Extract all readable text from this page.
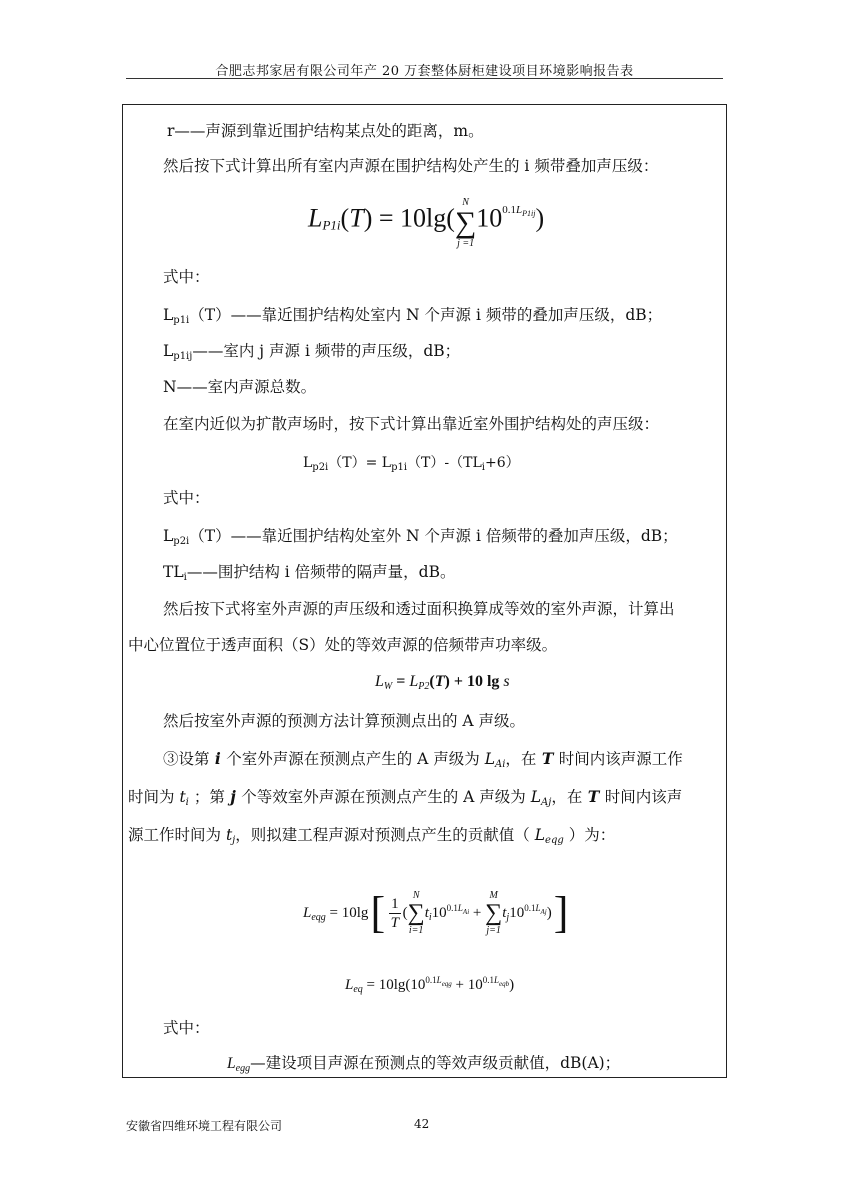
合肥志邦家居有限公司年产 20 万套整体厨柜建设项目环境影响报告表
r——声源到靠近围护结构某点处的距离，m。
然后按下式计算出所有室内声源在围护结构处产生的 i 频带叠加声压级：
$L_{P1i}(T) = 10\lg$(
N
∑
j =1
$10^{0.1L_{P1ij}}$)
式中：
$L_{p1i}(T)——$靠近围护结构处室内 N 个声源 i 频带的叠加声压级，dB；
$L_{p1ij}——$室内 j 声源 i 频带的声压级，dB；
N——室内声源总数。
在室内近似为扩散声场时，按下式计算出靠近室外围护结构处的声压级：
$L_{p2i}(T)= L_{p1i}(T)-(TL_i+6)$
式中：
$L_{p2i}(T)——$靠近围护结构处室外 N 个声源 i 倍频带的叠加声压级，dB；
$TL_i——$围护结构 i 倍频带的隔声量，dB。
然后按下式将室外声源的声压级和透过面积换算成等效的室外声源，计算出
中心位置位于透声面积（S）处的等效声源的倍频带声功率级。
$L_W = L_{P2}(T) + 10$ lg s
然后按室外声源的预测方法计算预测点出的 A 声级。
③设第 i 个室外声源在预测点产生的 A 声级为 $L_{Ai}$，在 T 时间内该声源工作
时间为 $t_i$ ；第 j 个等效室外声源在预测点产生的 A 声级为 $L_{Aj}$，在 T 时间内该声
源工作时间为 $t_j$，则拟建工程声源对预测点产生的贡献值（ $L_{eqg}$ ）为：
$L_{eqg} = 10\lg$ [ $\frac{1}{T}$ (
N
∑
i=1
$t_i10^{0.1L_{Ai}}$ +
M
∑
j=1
$t_j10^{0.1L_{Aj}}$ ) ]
$L_{eq} = 10\lg(10^{0.1L_{eqg}} + 10^{0.1L_{eqb}})$
式中：
$L_{egg}—$建设项目声源在预测点的等效声级贡献值，dB(A)；
安徽省四维环境工程有限公司	42
